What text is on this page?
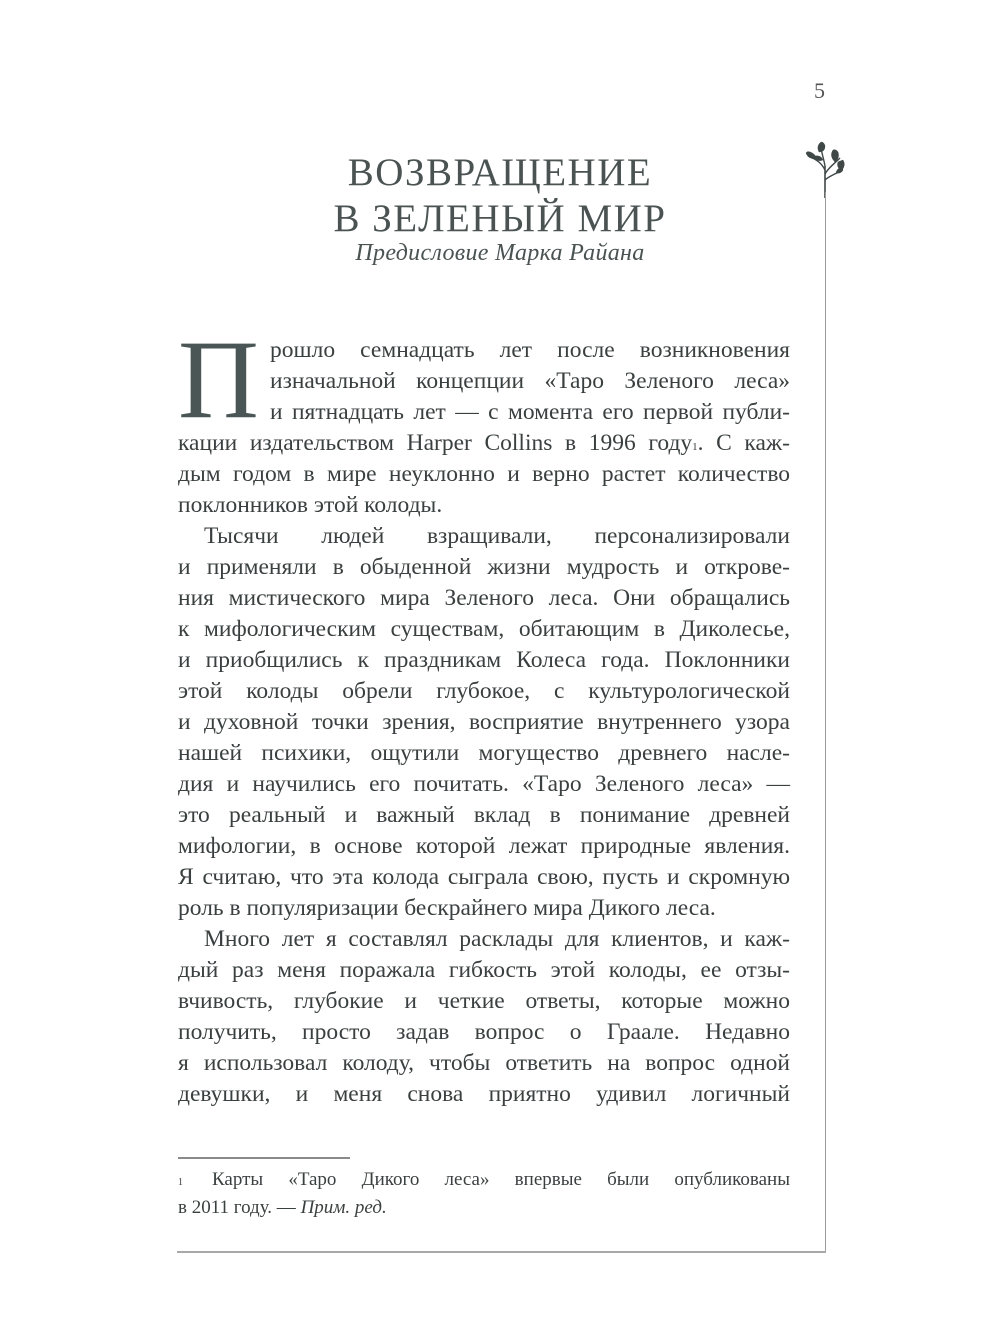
5
ВОЗВРАЩЕНИЕ
В ЗЕЛЕНЫЙ МИР
Предисловие Марка Райана
П рошло семнадцать лет после возникновения
изначальной концепции «Таро Зеленого леса»
и пятнадцать лет — с момента его первой публи-
кации издательством Harper Collins в 1996 году$^1$. С каж-
дым годом в мире неуклонно и верно растет количество
поклонников этой колоды.

Тысячи людей взращивали, персонализировали
и применяли в обыденной жизни мудрость и открове-
ния мистического мира Зеленого леса. Они обращались
к мифологическим существам, обитающим в Диколесье,
и приобщились к праздникам Колеса года. Поклонники
этой колоды обрели глубокое, с культурологической
и духовной точки зрения, восприятие внутреннего узора
нашей психики, ощутили могущество древнего насле-
дия и научились его почитать. «Таро Зеленого леса» —
это реальный и важный вклад в понимание древней
мифологии, в основе которой лежат природные явления.
Я считаю, что эта колода сыграла свою, пусть и скромную
роль в популяризации бескрайнего мира Дикого леса.

Много лет я составлял расклады для клиентов, и каж-
дый раз меня поражала гибкость этой колоды, ее отзы-
вчивость, глубокие и четкие ответы, которые можно
получить, просто задав вопрос о Граале. Недавно
я использовал колоду, чтобы ответить на вопрос одной
девушки, и меня снова приятно удивил логичный

1 Карты «Таро Дикого леса» впервые были опубликованы
в 2011 году. — Прим. ред.
